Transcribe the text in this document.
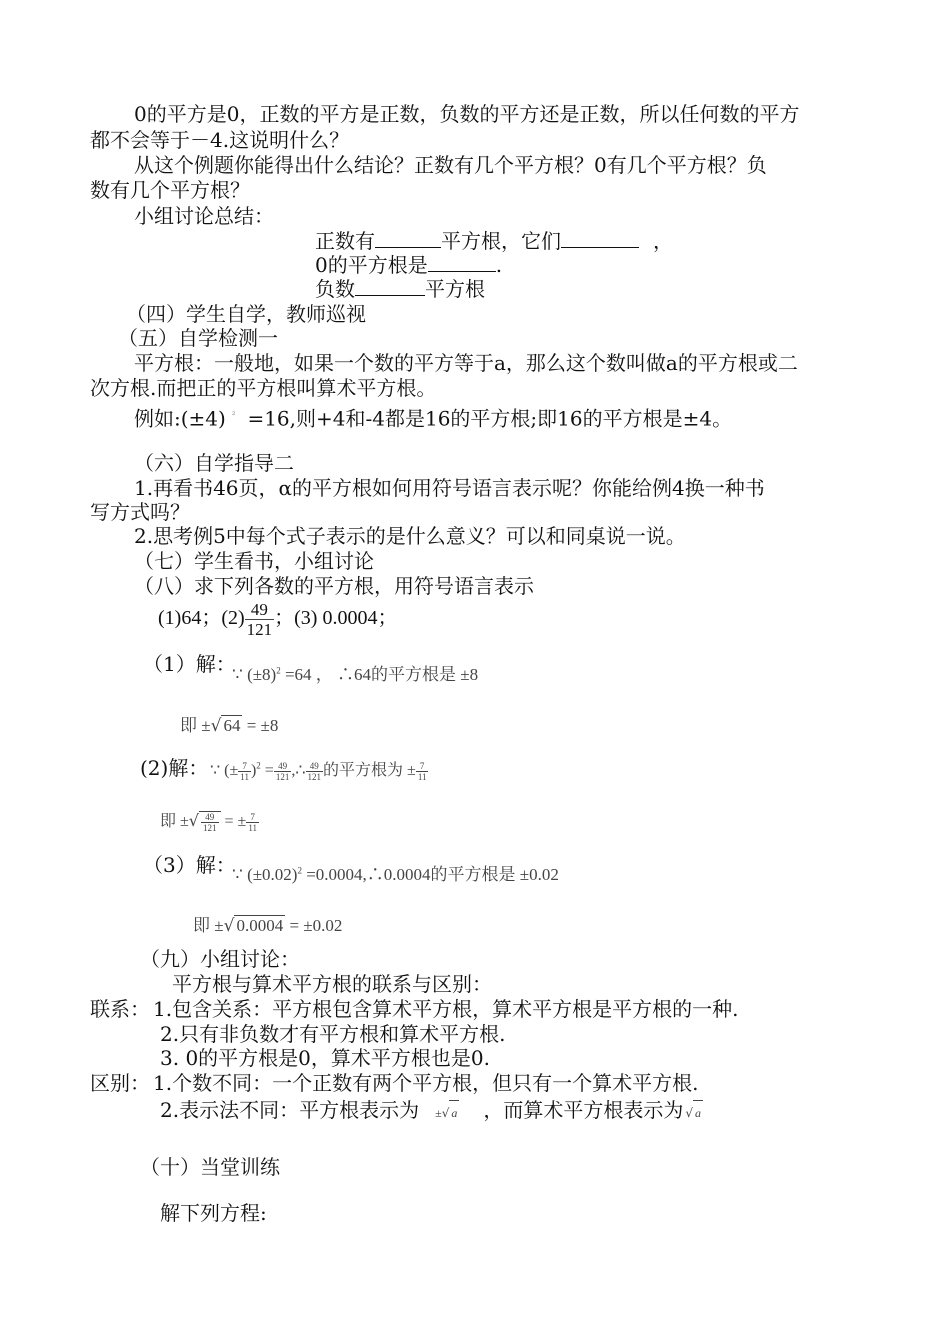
0的平方是0，正数的平方是正数，负数的平方还是正数，所以任何数的平方
都不会等于－4.这说明什么？
从这个例题你能得出什么结论？正数有几个平方根？0有几个平方根？负
数有几个平方根？
小组讨论总结：
正数有	平方根，它们	，
0的平方根是	.
负数	平方根
（四）学生自学，教师巡视
（五）自学检测一
平方根：一般地，如果一个数的平方等于a，那么这个数叫做a的平方根或二
次方根.而把正的平方根叫算术平方根。
例如:(±4) $^{^2}$ =16,则+4和-4都是16的平方根;即16的平方根是±4。
（六）自学指导二
1.再看书46页，α的平方根如何用符号语言表示呢？你能给例4换一种书
写方式吗？
2.思考例5中每个式子表示的是什么意义？可以和同桌说一说。
（七）学生看书，小组讨论
（八）求下列各数的平方根，用符号语言表示
(1)64；$(2) \frac{49}{121}$ ；(3) 0.0004；
（1）解：
∵ $(\pm 8)^2 =64$ ， ∴64的平方根是 ±8
即 ±√ 64 = ±8
(2)解： ∵ (± $\frac{7}{11} )^2 = \frac{49}{121}$ ,∴ $\frac{49}{121}$ 的平方根为 ± $\frac{7}{11}$
即 ±√ $\frac{49}{121}$ = ± $\frac{7}{11}$
（3）解：
∵ $(\pm 0.02)^2$ =0.0004,∴0.0004的平方根是 ±0.02
即 ±√ 0.0004 = ±0.02
（九）小组讨论：
平方根与算术平方根的联系与区别：
联系： 1.包含关系：平方根包含算术平方根，算术平方根是平方根的一种.
2.只有非负数才有平方根和算术平方根.
3. 0的平方根是0，算术平方根也是0.
区别： 1.个数不同：一个正数有两个平方根，但只有一个算术平方根.
2.表示法不同：平方根表示为 ±√ a ，而算术平方根表示为 √ a
（十）当堂训练
解下列方程:
